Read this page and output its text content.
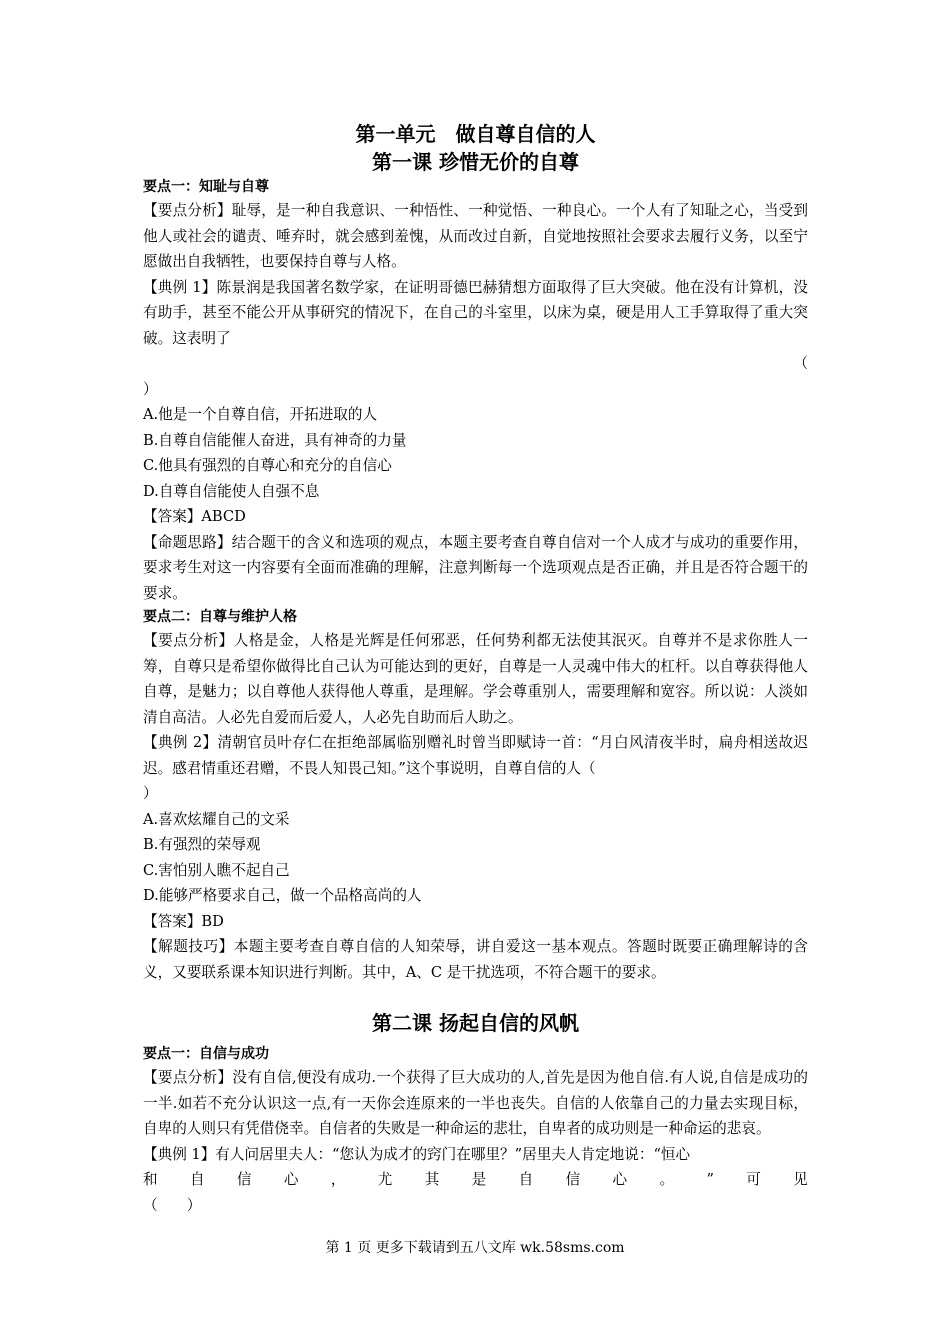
第一单元　做自尊自信的人
第一课 珍惜无价的自尊
要点一：知耻与自尊
【要点分析】耻辱，是一种自我意识、一种悟性、一种觉悟、一种良心。一个人有了知耻之心，当受到他人或社会的谴责、唾弃时，就会感到羞愧，从而改过自新，自觉地按照社会要求去履行义务，以至宁愿做出自我牺牲，也要保持自尊与人格。
【典例 1】陈景润是我国著名数学家，在证明哥德巴赫猜想方面取得了巨大突破。他在没有计算机，没有助手，甚至不能公开从事研究的情况下，在自己的斗室里，以床为桌，硬是用人工手算取得了重大突破。这表明了
（
）
A.他是一个自尊自信，开拓进取的人
B.自尊自信能催人奋进，具有神奇的力量
C.他具有强烈的自尊心和充分的自信心
D.自尊自信能使人自强不息
【答案】ABCD
【命题思路】结合题干的含义和选项的观点，本题主要考查自尊自信对一个人成才与成功的重要作用，要求考生对这一内容要有全面而准确的理解，注意判断每一个选项观点是否正确，并且是否符合题干的要求。
要点二：自尊与维护人格
【要点分析】人格是金，人格是光辉是任何邪恶，任何势利都无法使其泯灭。自尊并不是求你胜人一筹，自尊只是希望你做得比自己认为可能达到的更好，自尊是一人灵魂中伟大的杠杆。以自尊获得他人自尊，是魅力；以自尊他人获得他人尊重，是理解。学会尊重别人，需要理解和宽容。所以说：人淡如清自高洁。人必先自爱而后爱人，人必先自助而后人助之。
【典例 2】清朝官员叶存仁在拒绝部属临别赠礼时曾当即赋诗一首：“月白风清夜半时，扁舟相送故迟迟。感君情重还君赠，不畏人知畏己知。”这个事说明，自尊自信的人（
）
A.喜欢炫耀自己的文采
B.有强烈的荣辱观
C.害怕别人瞧不起自己
D.能够严格要求自己，做一个品格高尚的人
【答案】BD
【解题技巧】本题主要考查自尊自信的人知荣辱，讲自爱这一基本观点。答题时既要正确理解诗的含义，又要联系课本知识进行判断。其中，A、C 是干扰选项，不符合题干的要求。
第二课 扬起自信的风帆
要点一：自信与成功
【要点分析】没有自信,便没有成功.一个获得了巨大成功的人,首先是因为他自信.有人说,自信是成功的一半.如若不充分认识这一点,有一天你会连原来的一半也丧失。自信的人依靠自己的力量去实现目标，自卑的人则只有凭借侥幸。自信者的失败是一种命运的悲壮，自卑者的成功则是一种命运的悲哀。
【典例 1】有人问居里夫人：“您认为成才的窍门在哪里？”居里夫人肯定地说：“恒心
和 自 信 心 ， 尤 其 是 自 信 心 。 ” 可 见
（　　）
第 1 页 更多下载请到五八文库 wk.58sms.com
